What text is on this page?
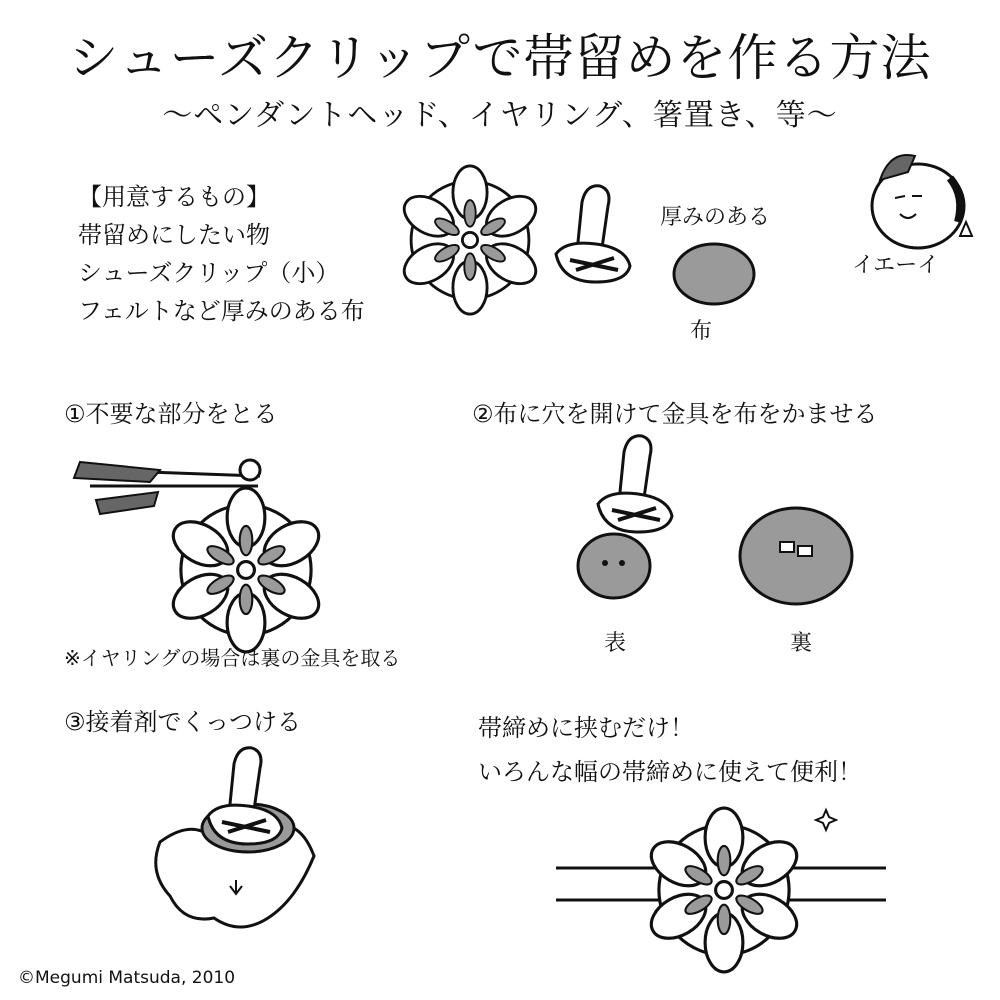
シューズクリップで帯留めを作る方法
～ペンダントヘッド、イヤリング、箸置き、等～
【用意するもの】
帯留めにしたい物
シューズクリップ（小）
フェルトなど厚みのある布
厚みのある
布
イエーイ
①不要な部分をとる
※イヤリングの場合は裏の金具を取る
②布に穴を開けて金具を布をかませる
表	裏
③接着剤でくっつける	帯締めに挟むだけ！
いろんな幅の帯締めに使えて便利！
©Megumi Matsuda, 2010
